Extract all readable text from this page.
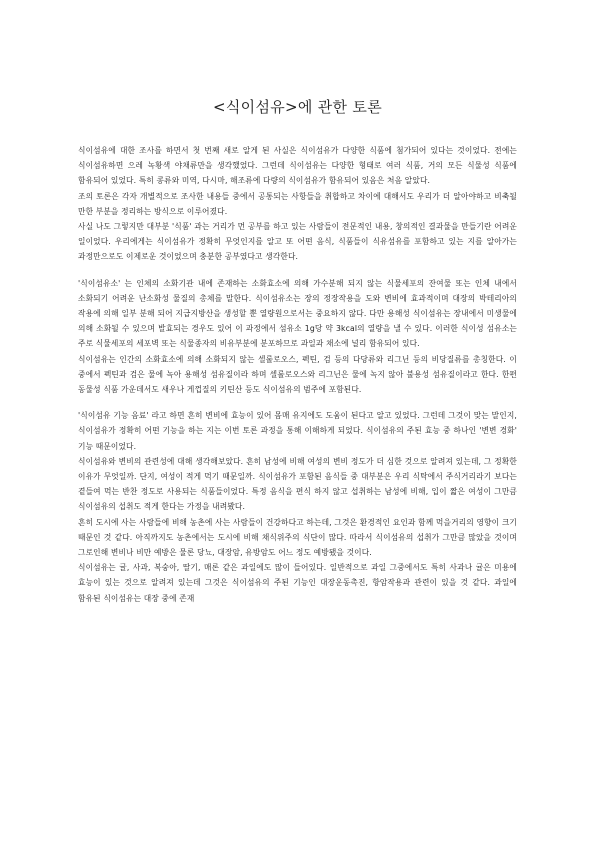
<식이섬유>에 관한 토론

식이섬유에 대한 조사를 하면서 첫 번째 새로 알게 된 사실은 식이섬유가 다양한 식품에 첨가되어 있다는 것이었다. 전에는 식이섬유하면 으레 녹황색 야채류만을 생각했었다. 그런데 식이섬유는 다양한 형태로 여러 식품, 거의 모든 식물성 식품에 함유되어 있었다. 특히 콩류와 미역, 다시마, 해조류에 다량의 식이섬유가 함유되어 있음은 처음 알았다.

조의 토론은 각자 개별적으로 조사한 내용들 중에서 공통되는 사항들을 취합하고 차이에 대해서도 우리가 더 알아야하고 비축될 만한 부분을 정리하는 방식으로 이루어졌다.

사실 나도 그렇지만 대부분 '식품' 과는 거리가 먼 공부를 하고 있는 사람들이 전문적인 내용, 창의적인 결과물을 만들기란 어려운 일이었다. 우리에게는 식이섬유가 정확히 무엇인지를 알고 또 어떤 음식, 식품들이 식유섬유를 포함하고 있는 지를 알아가는 과정만으로도 이제로운 것이었으며 충분한 공부였다고 생각한다.

'식이섬유소' 는 인체의 소화기관 내에 존재하는 소화효소에 의해 가수분해 되지 않는 식물세포의 잔여물 또는 인체 내에서 소화되기 어려운 난소화성 물질의 총체를 말한다. 식이섬유소는 장의 정장작용을 도와 변비에 효과적이며 대장의 박테리아의 작용에 의해 일부 분해 되어 지급지방산을 생성할 뿐 열량원으로서는 중요하지 않다. 다만 용해성 식이섬유는 장내에서 미생물에 의해 소화될 수 있으며 발효되는 경우도 있어 이 과정에서 섬유소 1g당 약 3kcal의 열량을 낼 수 있다. 이러한 식이성 섬유소는 주로 식물세포의 세포벽 또는 식물종자의 비유부분에 분포하므로 과일과 채소에 널리 함유되어 있다.

식이섬유는 인간의 소화효소에 의해 소화되지 않는 셀룰로오스, 펙틴, 검 등의 다당류와 리그닌 등의 비당질류를 총칭한다. 이 중에서 펙틴과 검은 물에 녹아 용해성 섬유질이라 하며 셀룰로오스와 리그닌은 물에 녹지 않아 불용성 섬유질이라고 한다. 한편 동물성 식품 가운데서도 새우나 게껍질의 키틴산 등도 식이섬유의 범주에 포함된다.

'식이섬유 기능 음료' 라고 하면 흔히 변비에 효능이 있어 몸매 유지에도 도움이 된다고 알고 있었다. 그런데 그것이 맞는 말인지, 식이섬유가 정확히 어떤 기능을 하는 지는 이번 토론 과정을 통해 이해하게 되었다. 식이섬유의 주된 효능 중 하나인 '변변 경화' 기능 때문이었다.

식이섬유와 변비의 관련성에 대해 생각해보았다. 흔히 남성에 비해 여성의 변비 정도가 더 심한 것으로 알려져 있는데, 그 정확한 이유가 무엇일까. 단지, 여성이 적게 먹기 때문일까. 식이섬유가 포함된 음식들 중 대부분은 우리 식탁에서 주식거리라기 보다는 곁들여 먹는 반찬 정도로 사용되는 식품들이었다. 특정 음식을 편식 하지 않고 섭취하는 남성에 비해, 입이 짧은 여성이 그만큼 식이섬유의 섭취도 적게 한다는 가정을 내려봤다.

흔히 도시에 사는 사람들에 비해 농촌에 사는 사람들이 건강하다고 하는데, 그것은 환경적인 요인과 함께 먹을거리의 영향이 크기 때문인 것 같다. 아직까지도 농촌에서는 도시에 비해 채식위주의 식단이 많다. 따라서 식이섬유의 섭취가 그만큼 많았을 것이며 그로인해 변비나 비만 예방은 물론 당뇨, 대장암, 유방암도 어느 정도 예방됐을 것이다.

식이섬유는 귤, 사과, 복숭아, 딸기, 매론 같은 과일에도 많이 들어있다. 일반적으로 과일 그중에서도 특히 사과나 귤은 미용에 효능이 있는 것으로 알려져 있는데 그것은 식이섬유의 주된 기능인 대장운동촉진, 항암작용과 관련이 있을 것 같다. 과일에 함유된 식이섬유는 대장 중에 존재
